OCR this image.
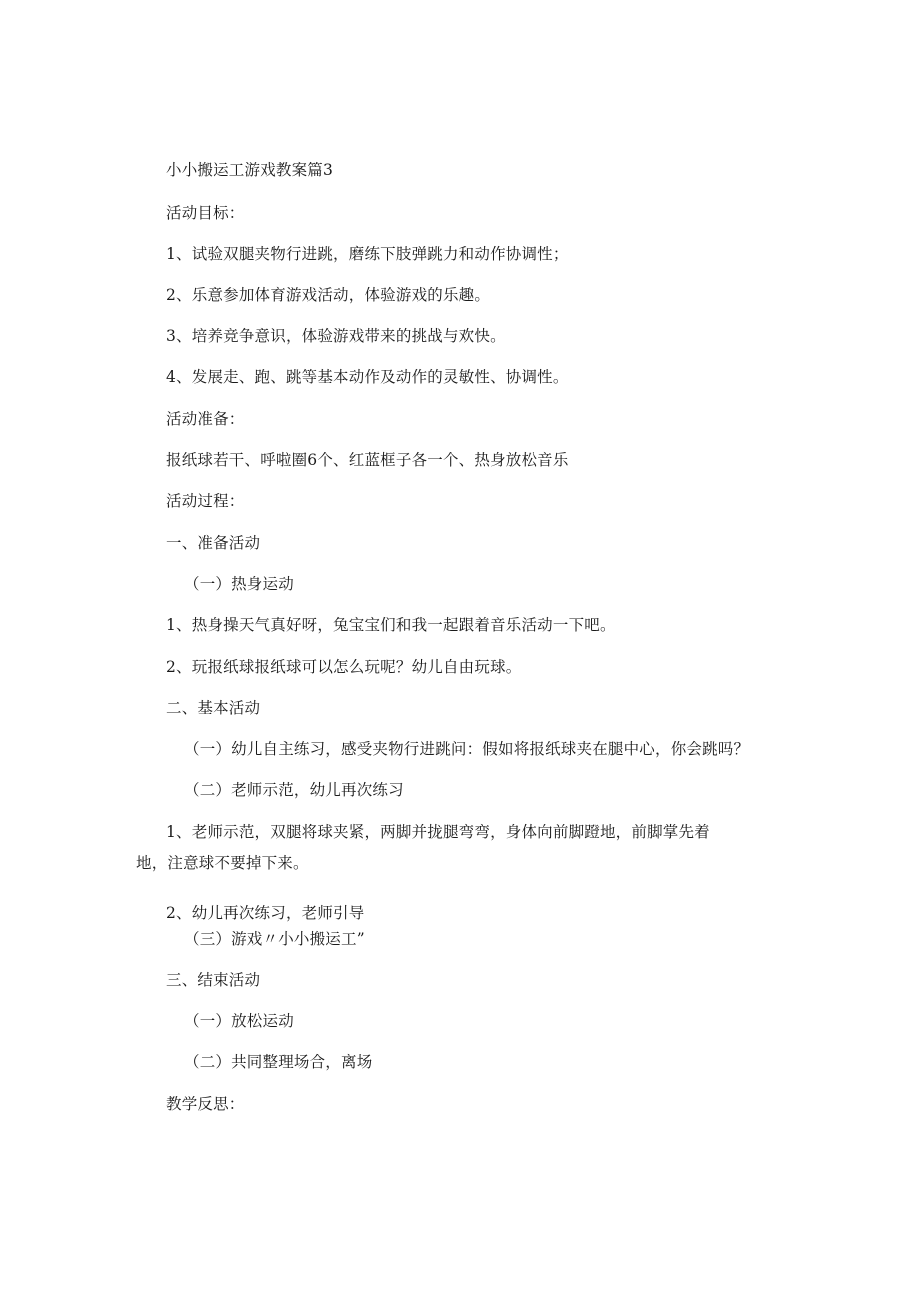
小小搬运工游戏教案篇3
活动目标：
1、试验双腿夹物行进跳，磨练下肢弹跳力和动作协调性；
2、乐意参加体育游戏活动，体验游戏的乐趣。
3、培养竞争意识，体验游戏带来的挑战与欢快。
4、发展走、跑、跳等基本动作及动作的灵敏性、协调性。
活动准备：
报纸球若干、呼啦圈6个、红蓝框子各一个、热身放松音乐
活动过程：
一、准备活动
（一）热身运动
1、热身操天气真好呀，兔宝宝们和我一起跟着音乐活动一下吧。
2、玩报纸球报纸球可以怎么玩呢？幼儿自由玩球。
二、基本活动
（一）幼儿自主练习，感受夹物行进跳问：假如将报纸球夹在腿中心，你会跳吗？
（二）老师示范，幼儿再次练习
1、老师示范，双腿将球夹紧，两脚并拢腿弯弯，身体向前脚蹬地，前脚掌先着
地，注意球不要掉下来。
2、幼儿再次练习，老师引导
（三）游戏〃小小搬运工”
三、结束活动
（一）放松运动
（二）共同整理场合，离场
教学反思：
